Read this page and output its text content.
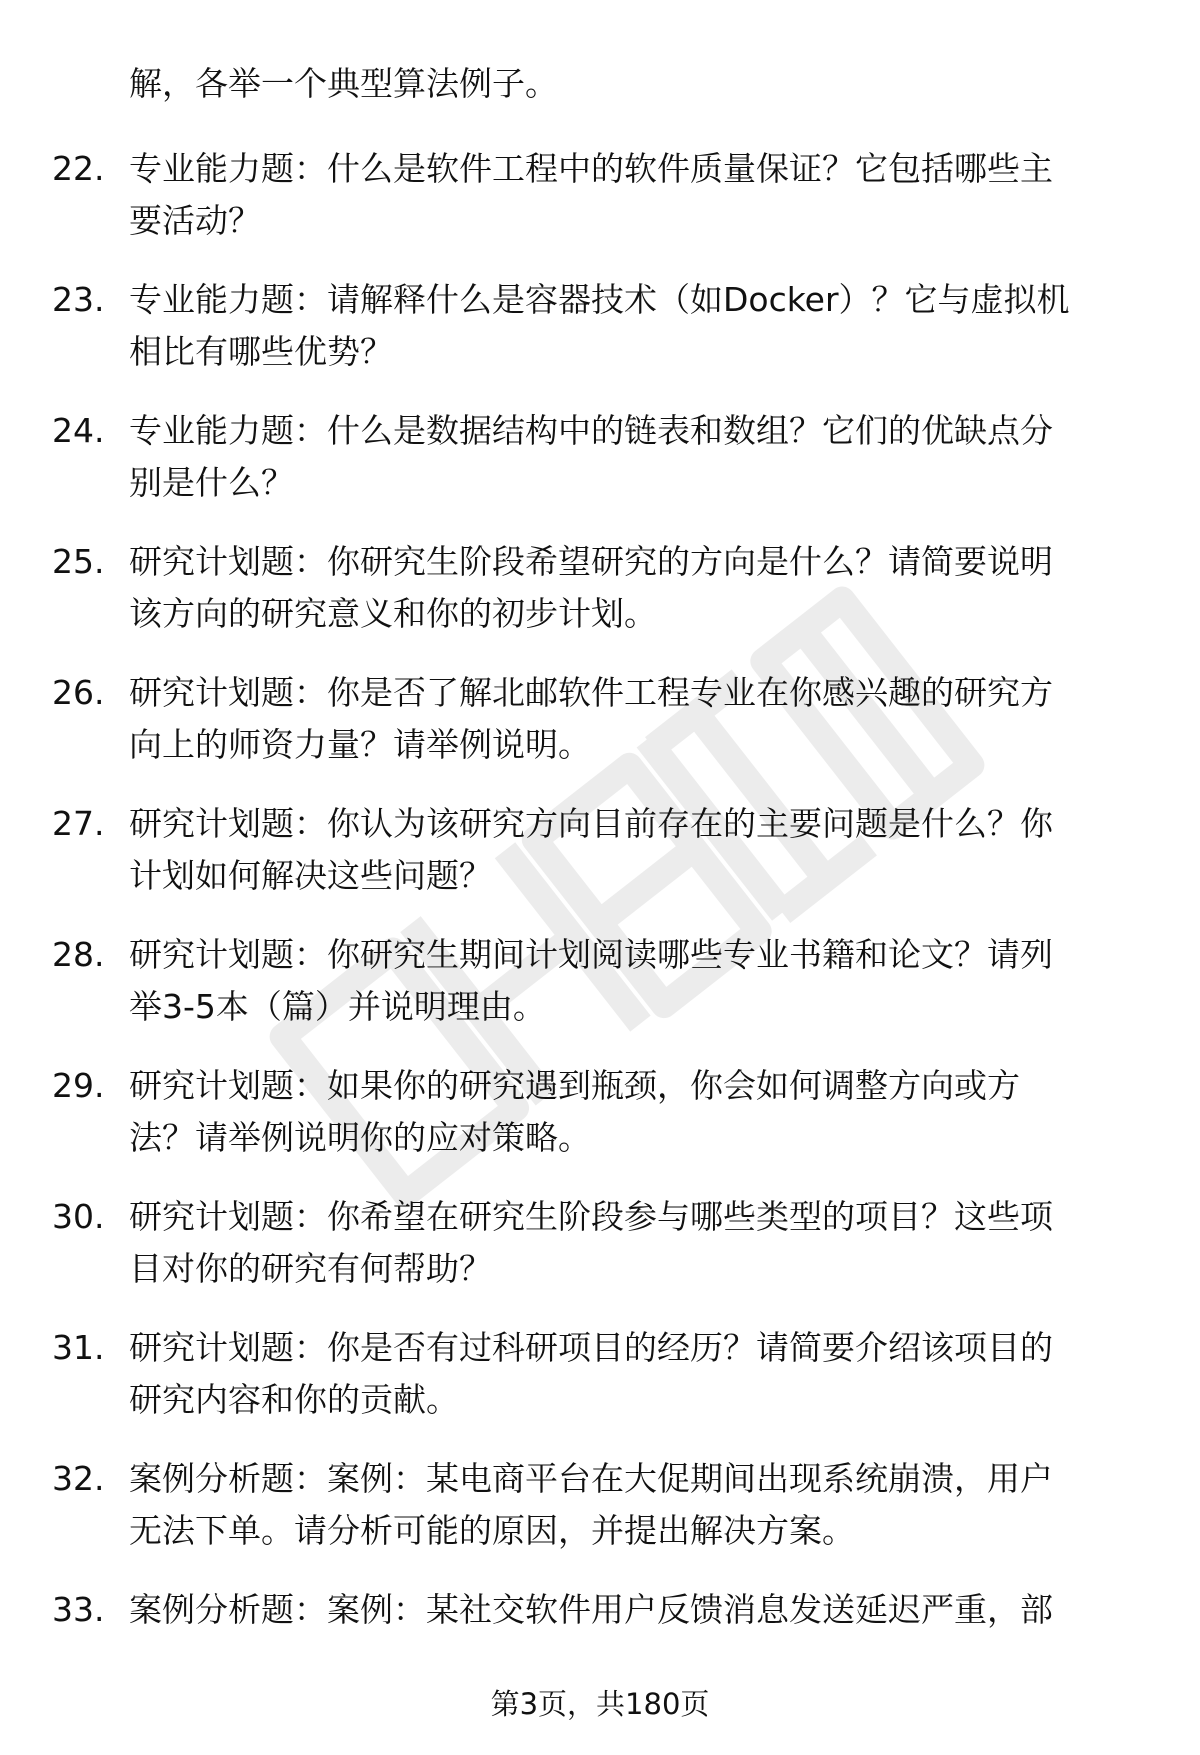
解，各举一个典型算法例子。
22. 专业能力题：什么是软件工程中的软件质量保证？它包括哪些主
要活动？
23. 专业能力题：请解释什么是容器技术（如Docker）？它与虚拟机
相比有哪些优势？
24. 专业能力题：什么是数据结构中的链表和数组？它们的优缺点分
别是什么？
25. 研究计划题：你研究生阶段希望研究的方向是什么？请简要说明
该方向的研究意义和你的初步计划。
26. 研究计划题：你是否了解北邮软件工程专业在你感兴趣的研究方
向上的师资力量？请举例说明。
27. 研究计划题：你认为该研究方向目前存在的主要问题是什么？你
计划如何解决这些问题？
28. 研究计划题：你研究生期间计划阅读哪些专业书籍和论文？请列
举3-5本（篇）并说明理由。
29. 研究计划题：如果你的研究遇到瓶颈，你会如何调整方向或方
法？请举例说明你的应对策略。
30. 研究计划题：你希望在研究生阶段参与哪些类型的项目？这些项
目对你的研究有何帮助？
31. 研究计划题：你是否有过科研项目的经历？请简要介绍该项目的
研究内容和你的贡献。
32. 案例分析题：案例：某电商平台在大促期间出现系统崩溃，用户
无法下单。请分析可能的原因，并提出解决方案。
33. 案例分析题：案例：某社交软件用户反馈消息发送延迟严重，部
第3页，共180页
